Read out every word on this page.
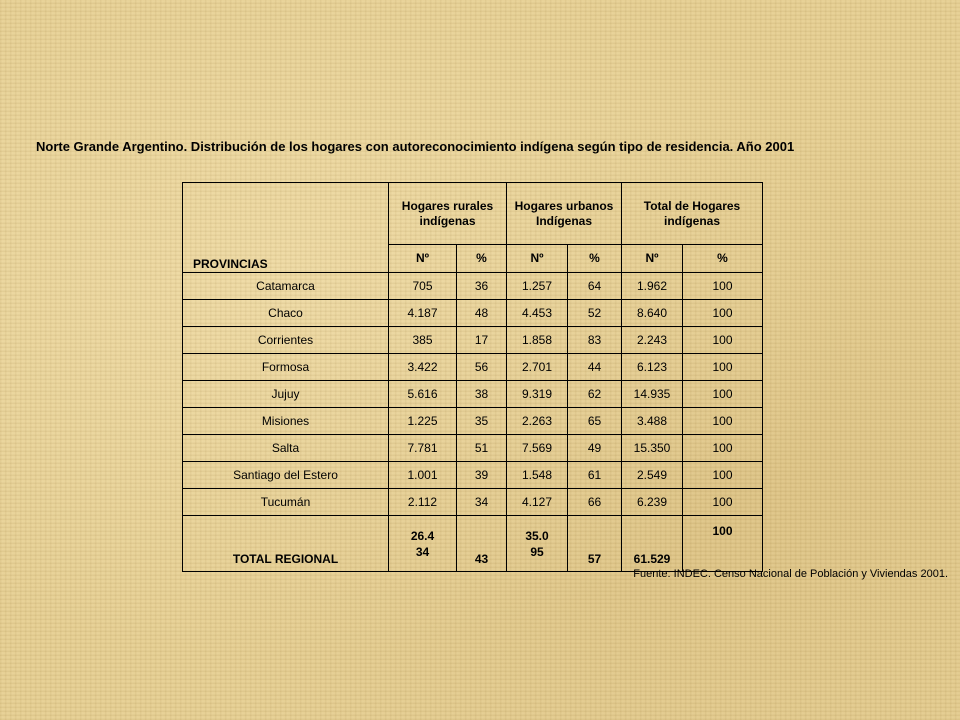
Norte Grande Argentino. Distribución de los hogares con autoreconocimiento indígena según tipo de residencia. Año 2001
PROVINCIAS	Hogares rurales indígenas		Hogares urbanos Indígenas		Total de Hogares indígenas	
	Nº	%	Nº	%	Nº	%
Catamarca	705	36	1.257	64	1.962	100
Chaco	4.187	48	4.453	52	8.640	100
Corrientes	385	17	1.858	83	2.243	100
Formosa	3.422	56	2.701	44	6.123	100
Jujuy	5.616	38	9.319	62	14.935	100
Misiones	1.225	35	2.263	65	3.488	100
Salta	7.781	51	7.569	49	15.350	100
Santiago del Estero	1.001	39	1.548	61	2.549	100
Tucumán	2.112	34	4.127	66	6.239	100
TOTAL REGIONAL	26.434	43	35.095	57	61.529	100
Fuente: INDEC. Censo Nacional de Población y Viviendas 2001.
